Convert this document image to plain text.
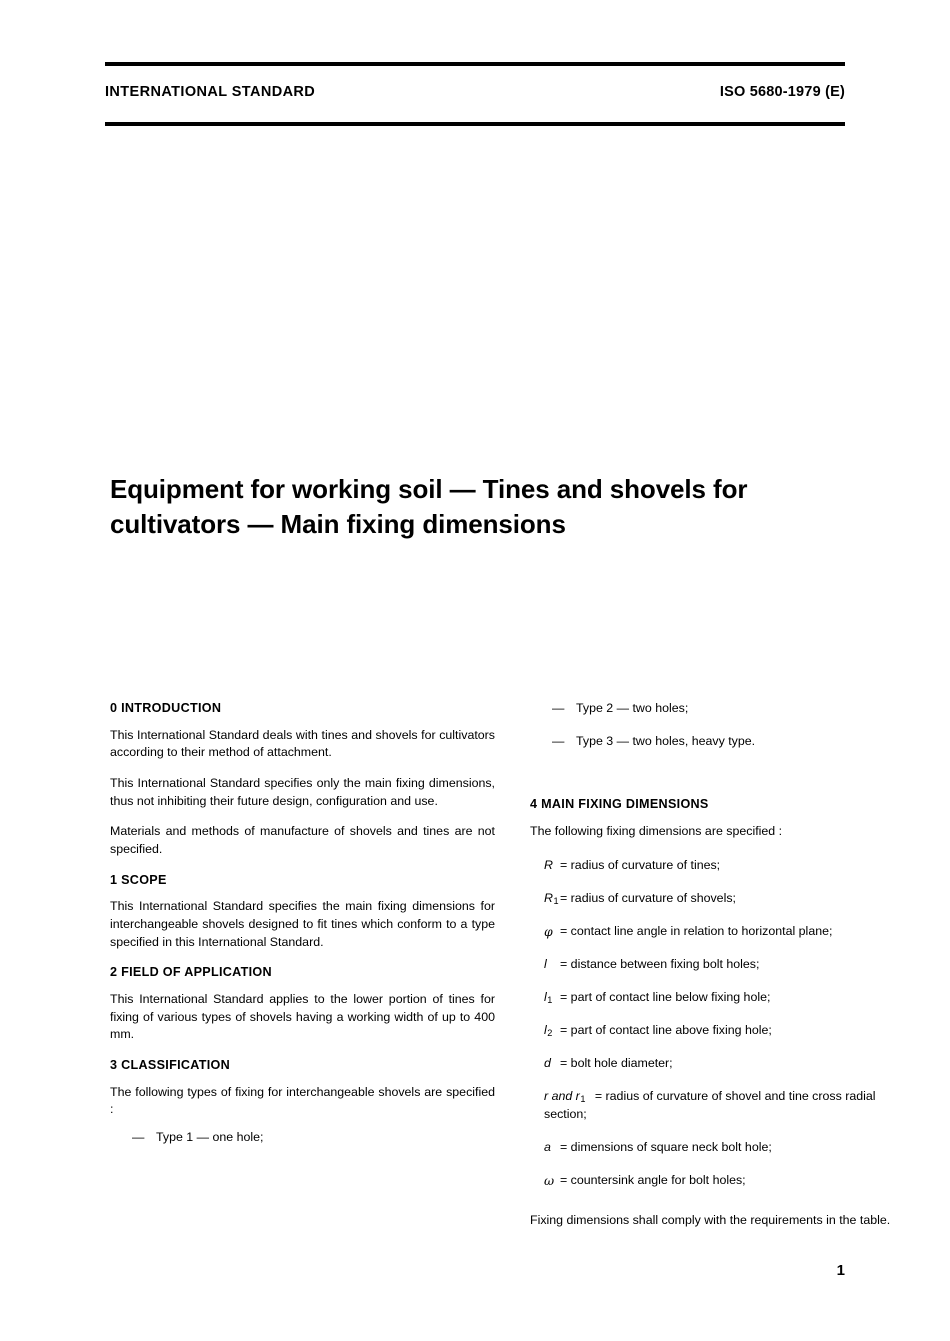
INTERNATIONAL STANDARD	ISO 5680-1979 (E)
Equipment for working soil — Tines and shovels for cultivators — Main fixing dimensions
0 INTRODUCTION

This International Standard deals with tines and shovels for cultivators according to their method of attachment.

This International Standard specifies only the main fixing dimensions, thus not inhibiting their future design, configuration and use.

Materials and methods of manufacture of shovels and tines are not specified.

1 SCOPE

This International Standard specifies the main fixing dimensions for interchangeable shovels designed to fit tines which conform to a type specified in this International Standard.

2 FIELD OF APPLICATION

This International Standard applies to the lower portion of tines for fixing of various types of shovels having a working width of up to 400 mm.

3 CLASSIFICATION

The following types of fixing for interchangeable shovels are specified :

— Type 1 — one hole;
— Type 2 — two holes;
— Type 3 — two holes, heavy type.
4 MAIN FIXING DIMENSIONS

The following fixing dimensions are specified :

R = radius of curvature of tines;
$R_1$ = radius of curvature of shovels;
φ = contact line angle in relation to horizontal plane;
l = distance between fixing bolt holes;
$l_1$ = part of contact line below fixing hole;
$l_2$ = part of contact line above fixing hole;
d = bolt hole diameter;
r and $r_1$ = radius of curvature of shovel and tine cross radial section;
a = dimensions of square neck bolt hole;
ω = countersink angle for bolt holes;

Fixing dimensions shall comply with the requirements in the table.

1
